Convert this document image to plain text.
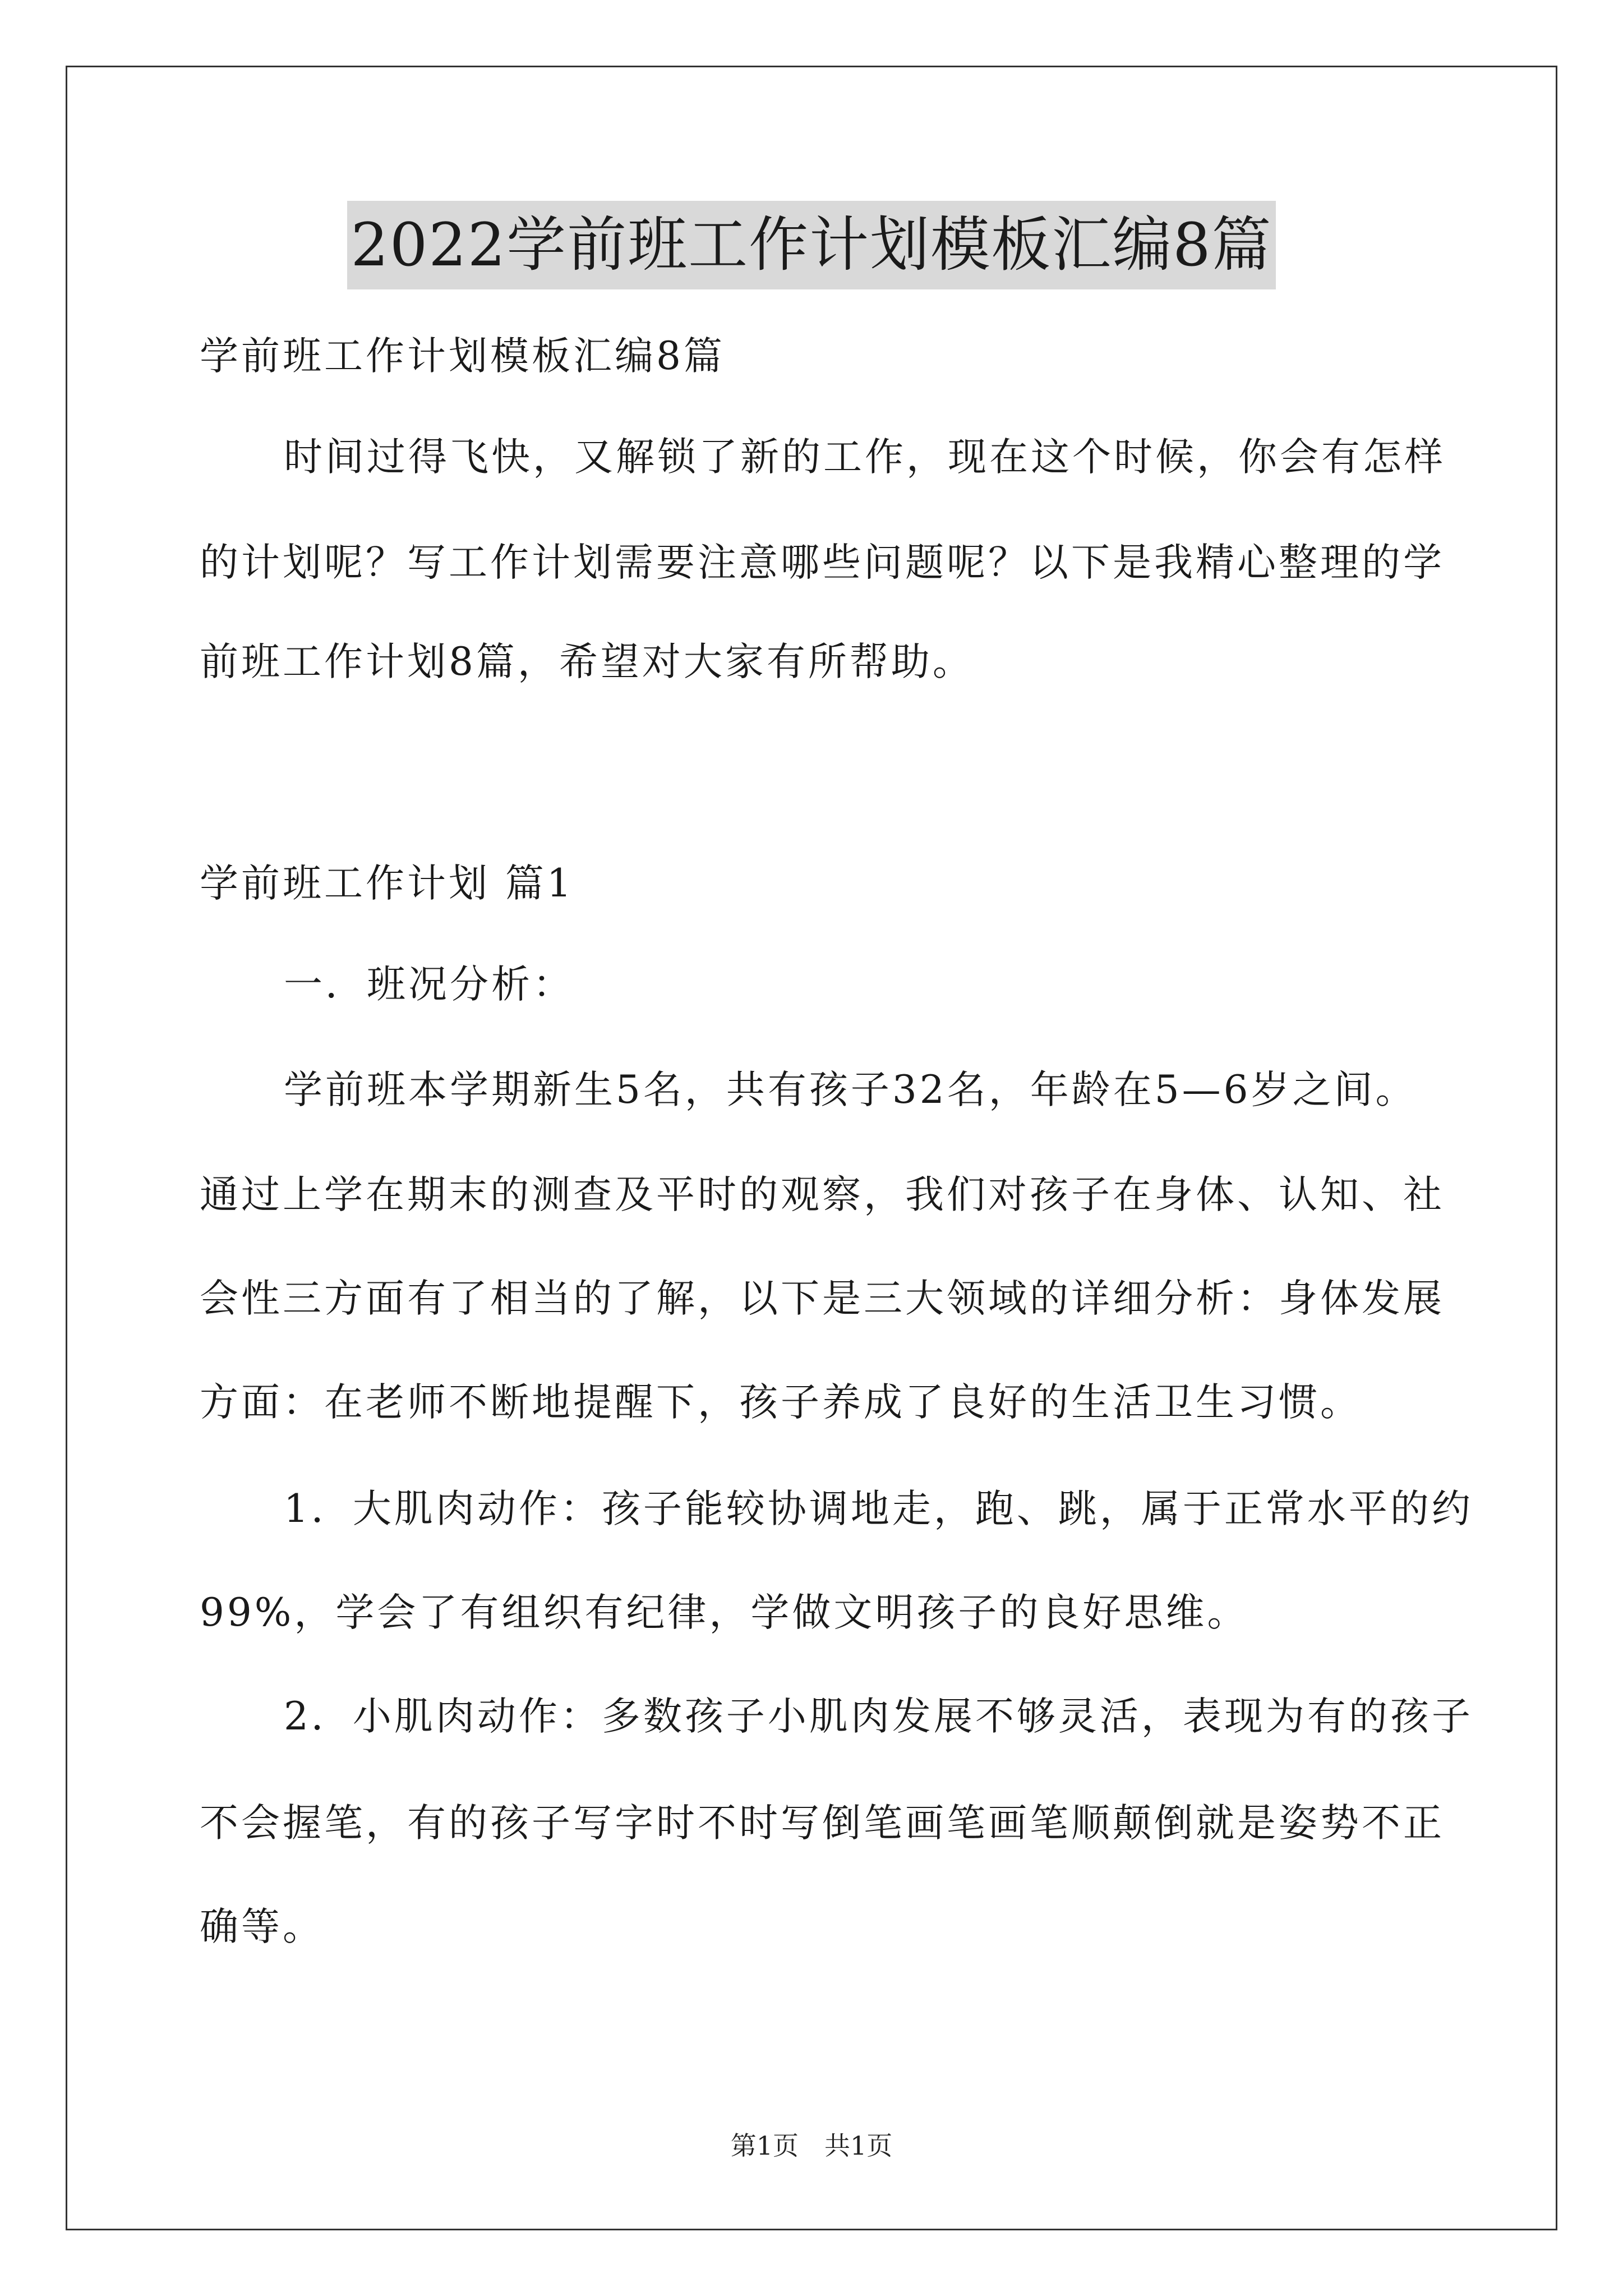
2022学前班工作计划模板汇编8篇
学前班工作计划模板汇编8篇
时间过得飞快，又解锁了新的工作，现在这个时候，你会有怎样
的计划呢？写工作计划需要注意哪些问题呢？以下是我精心整理的学
前班工作计划8篇，希望对大家有所帮助。
学前班工作计划 篇1
一．班况分析：
学前班本学期新生5名，共有孩子32名，年龄在5—6岁之间。
通过上学在期末的测查及平时的观察，我们对孩子在身体、认知、社
会性三方面有了相当的了解，以下是三大领域的详细分析：身体发展
方面：在老师不断地提醒下，孩子养成了良好的生活卫生习惯。
1．大肌肉动作：孩子能较协调地走，跑、跳，属于正常水平的约
99%，学会了有组织有纪律，学做文明孩子的良好思维。
2．小肌肉动作：多数孩子小肌肉发展不够灵活，表现为有的孩子
不会握笔，有的孩子写字时不时写倒笔画笔画笔顺颠倒就是姿势不正
确等。
第1页　共1页
